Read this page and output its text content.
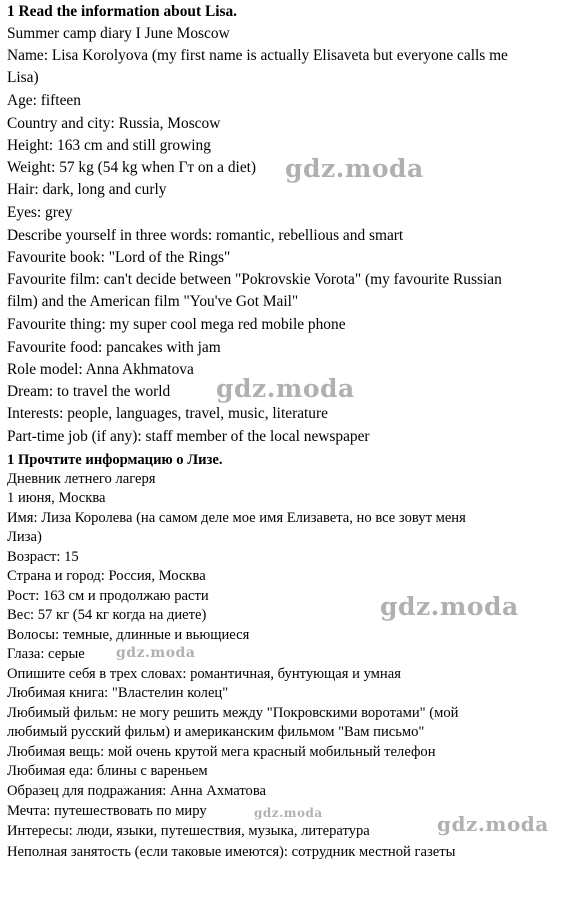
1 Read the information about Lisa.
Summer camp diary I June Moscow
Name: Lisa Korolyova (my first name is actually Elisaveta but everyone calls me
Lisa)
Age: fifteen
Country and city: Russia, Moscow
Height: 163 cm and still growing
Weight: 57 kg (54 kg when Гт on a diet)
Hair: dark, long and curly
Eyes: grey
Describe yourself in three words: romantic, rebellious and smart
Favourite book: "Lord of the Rings"
Favourite film: can't decide between "Pokrovskie Vorota" (my favourite Russian
film) and the American film "You've Got Mail"
Favourite thing: my super cool mega red mobile phone
Favourite food: pancakes with jam
Role model: Anna Akhmatova
Dream: to travel the world
Interests: people, languages, travel, music, literature
Part-time job (if any): staff member of the local newspaper
1 Прочтите информацию о Лизе.
Дневник летнего лагеря
1 июня, Москва
Имя: Лиза Королева (на самом деле мое имя Елизавета, но все зовут меня
Лиза)
Возраст: 15
Страна и город: Россия, Москва
Рост: 163 см и продолжаю расти
Вес: 57 кг (54 кг когда на диете)
Волосы: темные, длинные и вьющиеся
Глаза: серые
Опишите себя в трех словах: романтичная, бунтующая и умная
Любимая книга: "Властелин колец"
Любимый фильм: не могу решить между "Покровскими воротами" (мой
любимый русский фильм) и американским фильмом "Вам письмо"
Любимая вещь: мой очень крутой мега красный мобильный телефон
Любимая еда: блины с вареньем
Образец для подражания: Анна Ахматова
Мечта: путешествовать по миру
Интересы: люди, языки, путешествия, музыка, литература
Неполная занятость (если таковые имеются): сотрудник местной газеты
gdz.moda
gdz.moda
gdz.moda
gdz.moda
gdz.moda	gdz.moda
